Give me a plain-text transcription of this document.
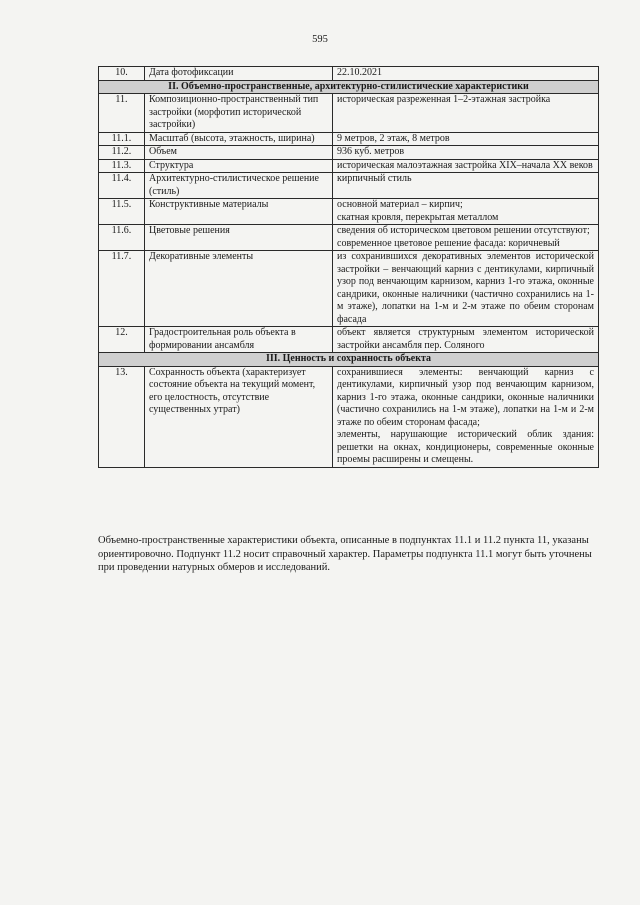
595
10.	Дата фотофиксации	22.10.2021

II. Объемно-пространственные, архитектурно-стилистические характеристики		
11.	Композиционно-пространственный тип застройки (морфотип исторической застройки)	историческая разреженная 1–2-этажная застройка

11.1.	Масштаб (высота, этажность, ширина)	9 метров, 2 этаж, 8 метров

11.2.	Объем	936 куб. метров

11.3.	Структура	историческая малоэтажная застройка XIX–начала XX веков

11.4.	Архитектурно-стилистическое решение (стиль)	кирпичный стиль

11.5.	Конструктивные материалы	основной материал – кирпич;
скатная кровля, перекрытая металлом

11.6.	Цветовые решения	сведения об историческом цветовом решении отсутствуют;
современное цветовое решение фасада: коричневый

11.7.	Декоративные элементы	из сохранившихся декоративных элементов исторической застройки – венчающий карниз с дентикулами, кирпичный узор под венчающим карнизом, карниз 1-го этажа, оконные сандрики, оконные наличники (частично сохранились на 1-м этаже), лопатки на 1-м и 2-м этаже по обеим сторонам фасада

12.	Градостроительная роль объекта в формировании ансамбля	объект является структурным элементом исторической застройки ансамбля пер. Соляного

III. Ценность и сохранность объекта		
13.	Сохранность объекта (характеризует состояние объекта на текущий момент, его целостность, отсутствие существенных утрат)	сохранившиеся элементы: венчающий карниз с дентикулами, кирпичный узор под венчающим карнизом, карниз 1-го этажа, оконные сандрики, оконные наличники (частично сохранились на 1-м этаже), лопатки на 1-м и 2-м этаже по обеим сторонам фасада;
элементы, нарушающие исторический облик здания: решетки на окнах, кондиционеры, современные оконные проемы расширены и смещены.
Объемно-пространственные характеристики объекта, описанные в подпунктах 11.1 и 11.2 пункта 11, указаны ориентировочно. Подпункт 11.2 носит справочный характер. Параметры подпункта 11.1 могут быть уточнены при проведении натурных обмеров и исследований.
